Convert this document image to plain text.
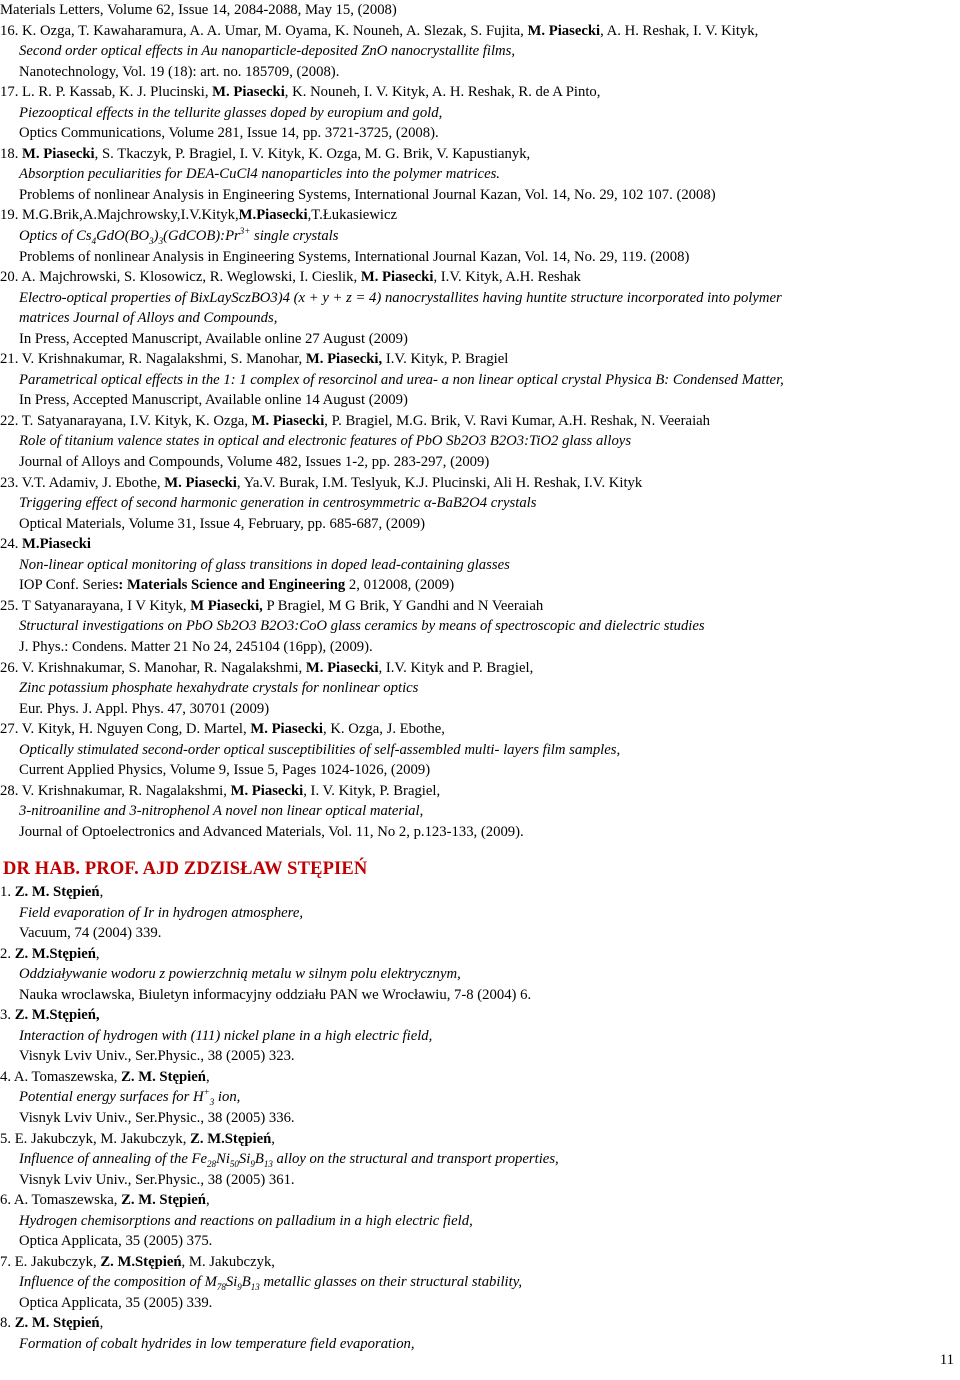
Materials Letters, Volume 62, Issue 14, 2084-2088, May 15, (2008)
16. K. Ozga, T. Kawaharamura, A. A. Umar, M. Oyama, K. Nouneh, A. Slezak, S. Fujita, M. Piasecki, A. H. Reshak, I. V. Kityk,
Second order optical effects in Au nanoparticle-deposited ZnO nanocrystallite films,
Nanotechnology, Vol. 19 (18): art. no. 185709, (2008).
17. L. R. P. Kassab, K. J. Plucinski, M. Piasecki, K. Nouneh, I. V. Kityk, A. H. Reshak, R. de A Pinto,
Piezooptical effects in the tellurite glasses doped by europium and gold,
Optics Communications, Volume 281, Issue 14, pp. 3721-3725, (2008).
18. M. Piasecki, S. Tkaczyk, P. Bragiel, I. V. Kityk, K. Ozga, M. G. Brik, V. Kapustianyk,
Absorption peculiarities for DEA-CuCl4 nanoparticles into the polymer matrices.
Problems of nonlinear Analysis in Engineering Systems, International Journal Kazan, Vol. 14, No. 29, 102 107. (2008)
19. M.G.Brik,A.Majchrowsky,I.V.Kityk,M.Piasecki,T.Łukasiewicz
Optics of $Cs_4GdO(BO_3)_3(GdCOB):Pr^{3+}$ single crystals
Problems of nonlinear Analysis in Engineering Systems, International Journal Kazan, Vol. 14, No. 29, 119. (2008)
20. A. Majchrowski, S. Klosowicz, R. Weglowski, I. Cieslik, M. Piasecki, I.V. Kityk, A.H. Reshak
Electro-optical properties of BixLaySczBO3)4 (x + y + z = 4) nanocrystallites having huntite structure incorporated into polymer
matrices Journal of Alloys and Compounds,
In Press, Accepted Manuscript, Available online 27 August (2009)
21. V. Krishnakumar, R. Nagalakshmi, S. Manohar, M. Piasecki, I.V. Kityk, P. Bragiel
Parametrical optical effects in the 1: 1 complex of resorcinol and urea- a non linear optical crystal Physica B: Condensed Matter,
In Press, Accepted Manuscript, Available online 14 August (2009)
22. T. Satyanarayana, I.V. Kityk, K. Ozga, M. Piasecki, P. Bragiel, M.G. Brik, V. Ravi Kumar, A.H. Reshak, N. Veeraiah
Role of titanium valence states in optical and electronic features of PbO Sb2O3 B2O3:TiO2 glass alloys
Journal of Alloys and Compounds, Volume 482, Issues 1-2, pp. 283-297, (2009)
23. V.T. Adamiv, J. Ebothe, M. Piasecki, Ya.V. Burak, I.M. Teslyuk, K.J. Plucinski, Ali H. Reshak, I.V. Kityk
Triggering effect of second harmonic generation in centrosymmetric α-BaB2O4 crystals
Optical Materials, Volume 31, Issue 4, February, pp. 685-687, (2009)
24. M.Piasecki
Non-linear optical monitoring of glass transitions in doped lead-containing glasses
IOP Conf. Series: Materials Science and Engineering 2, 012008, (2009)
25. T Satyanarayana, I V Kityk, M Piasecki, P Bragiel, M G Brik, Y Gandhi and N Veeraiah
Structural investigations on PbO Sb2O3 B2O3:CoO glass ceramics by means of spectroscopic and dielectric studies
J. Phys.: Condens. Matter 21 No 24, 245104 (16pp), (2009).
26. V. Krishnakumar, S. Manohar, R. Nagalakshmi, M. Piasecki, I.V. Kityk and P. Bragiel,
Zinc potassium phosphate hexahydrate crystals for nonlinear optics
Eur. Phys. J. Appl. Phys. 47, 30701 (2009)
27. V. Kityk, H. Nguyen Cong, D. Martel, M. Piasecki, K. Ozga, J. Ebothe,
Optically stimulated second-order optical susceptibilities of self-assembled multi- layers film samples,
Current Applied Physics, Volume 9, Issue 5, Pages 1024-1026, (2009)
28. V. Krishnakumar, R. Nagalakshmi, M. Piasecki, I. V. Kityk, P. Bragiel,
3-nitroaniline and 3-nitrophenol A novel non linear optical material,
Journal of Optoelectronics and Advanced Materials, Vol. 11, No 2, p.123-133, (2009).
DR HAB. PROF. AJD ZDZISŁAW STĘPIEŃ
1. Z. M. Stępień,
Field evaporation of Ir in hydrogen atmosphere,
Vacuum, 74 (2004) 339.
2. Z. M.Stępień,
Oddziaływanie wodoru z powierzchnią metalu w silnym polu elektrycznym,
Nauka wroclawska, Biuletyn informacyjny oddziału PAN we Wrocławiu, 7-8 (2004) 6.
3. Z. M.Stępień,
Interaction of hydrogen with (111) nickel plane in a high electric field,
Visnyk Lviv Univ., Ser.Physic., 38 (2005) 323.
4. A. Tomaszewska, Z. M. Stępień,
Potential energy surfaces for $H^+_3$ ion,
Visnyk Lviv Univ., Ser.Physic., 38 (2005) 336.
5. E. Jakubczyk, M. Jakubczyk, Z. M.Stępień,
Influence of annealing of the $Fe_{28}Ni_{50}Si_9B_{13}$ alloy on the structural and transport properties,
Visnyk Lviv Univ., Ser.Physic., 38 (2005) 361.
6. A. Tomaszewska, Z. M. Stępień,
Hydrogen chemisorptions and reactions on palladium in a high electric field,
Optica Applicata, 35 (2005) 375.
7. E. Jakubczyk, Z. M.Stępień, M. Jakubczyk,
Influence of the composition of $M_{78}Si_9B_{13}$ metallic glasses on their structural stability,
Optica Applicata, 35 (2005) 339.
8. Z. M. Stępień,
Formation of cobalt hydrides in low temperature field evaporation,
11
